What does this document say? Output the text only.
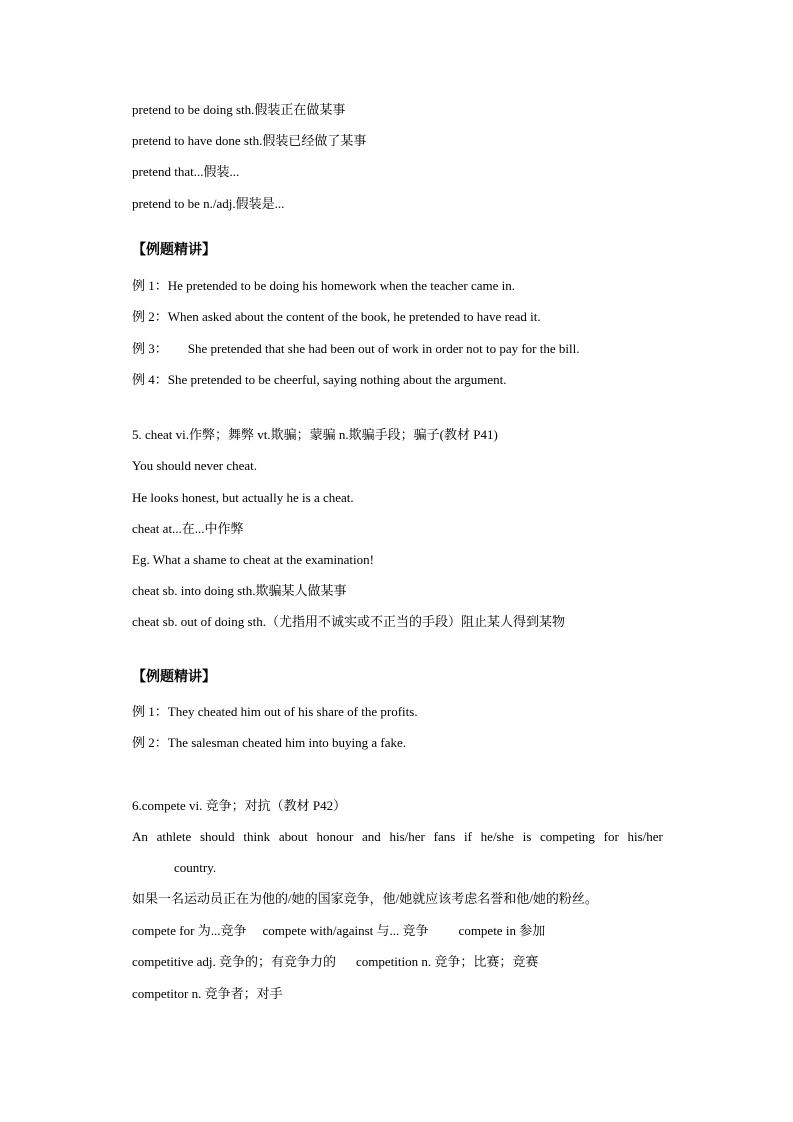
pretend to be doing sth.假装正在做某事
pretend to have done sth.假装已经做了某事
pretend that...假装...
pretend to be n./adj.假装是...
【例题精讲】
例 1：He pretended to be doing his homework when the teacher came in.
例 2：When asked about the content of the book, he pretended to have read it.
例 3： She pretended that she had been out of work in order not to pay for the bill.
例 4：She pretended to be cheerful, saying nothing about the argument.
5. cheat vi.作弊；舞弊 vt.欺骗；蒙骗 n.欺骗手段；骗子(教材 P41)
You should never cheat.
He looks honest, but actually he is a cheat.
cheat at...在...中作弊
Eg. What a shame to cheat at the examination!
cheat sb. into doing sth.欺骗某人做某事
cheat sb. out of doing sth.（尤指用不诚实或不正当的手段）阻止某人得到某物
【例题精讲】
例 1：They cheated him out of his share of the profits.
例 2：The salesman cheated him into buying a fake.
6.compete vi. 竞争；对抗（教材 P42）
An athlete should think about honour and his/her fans if he/she is competing for his/her
country.
如果一名运动员正在为他的/她的国家竞争，他/她就应该考虑名誉和他/她的粉丝。
compete for 为...竞争 compete with/against 与... 竞争 compete in 参加
competitive adj. 竞争的；有竞争力的 competition n. 竞争；比赛；竞赛
competitor n. 竞争者；对手
